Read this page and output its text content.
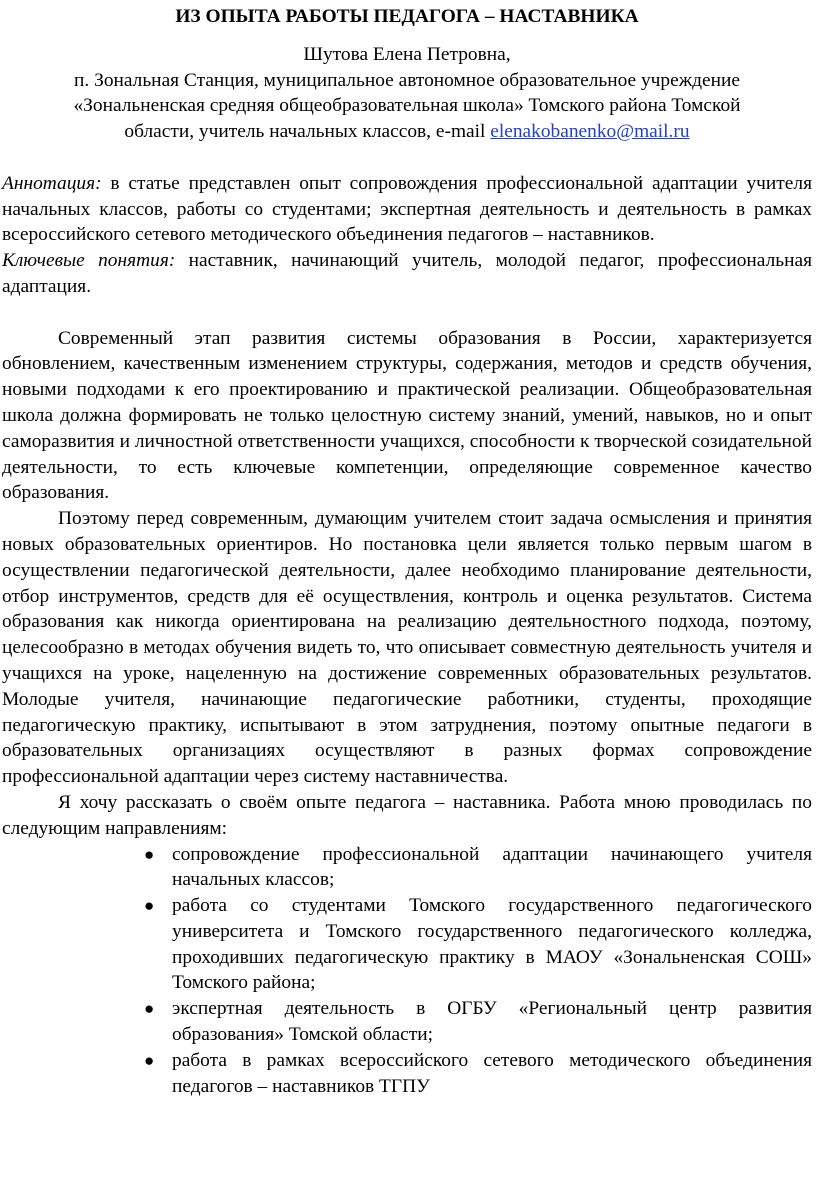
ИЗ ОПЫТА РАБОТЫ ПЕДАГОГА – НАСТАВНИКА
Шутова Елена Петровна,
п. Зональная Станция, муниципальное автономное образовательное учреждение
«Зональненская средняя общеобразовательная школа» Томского района Томской
области, учитель начальных классов, e-mail elenakobanenko@mail.ru

Аннотация: в статье представлен опыт сопровождения профессиональной адаптации учителя начальных классов, работы со студентами; экспертная деятельность и деятельность в рамках всероссийского сетевого методического объединения педагогов – наставников.

Ключевые понятия: наставник, начинающий учитель, молодой педагог, профессиональная адаптация.

Современный этап развития системы образования в России, характеризуется обновлением, качественным изменением структуры, содержания, методов и средств обучения, новыми подходами к его проектированию и практической реализации. Общеобразовательная школа должна формировать не только целостную систему знаний, умений, навыков, но и опыт саморазвития и личностной ответственности учащихся, способности к творческой созидательной деятельности, то есть ключевые компетенции, определяющие современное качество образования.

Поэтому перед современным, думающим учителем стоит задача осмысления и принятия новых образовательных ориентиров. Но постановка цели является только первым шагом в осуществлении педагогической деятельности, далее необходимо планирование деятельности, отбор инструментов, средств для её осуществления, контроль и оценка результатов. Система образования как никогда ориентирована на реализацию деятельностного подхода, поэтому, целесообразно в методах обучения видеть то, что описывает совместную деятельность учителя и учащихся на уроке, нацеленную на достижение современных образовательных результатов. Молодые учителя, начинающие педагогические работники, студенты, проходящие педагогическую практику, испытывают в этом затруднения, поэтому опытные педагоги в образовательных организациях осуществляют в разных формах сопровождение профессиональной адаптации через систему наставничества.

Я хочу рассказать о своём опыте педагога – наставника. Работа мною проводилась по следующим направлениям:

● сопровождение профессиональной адаптации начинающего учителя начальных классов;
● работа со студентами Томского государственного педагогического университета и Томского государственного педагогического колледжа, проходивших педагогическую практику в МАОУ «Зональненская СОШ» Томского района;
● экспертная деятельность в ОГБУ «Региональный центр развития образования» Томской области;
● работа в рамках всероссийского сетевого методического объединения педагогов – наставников ТГПУ
